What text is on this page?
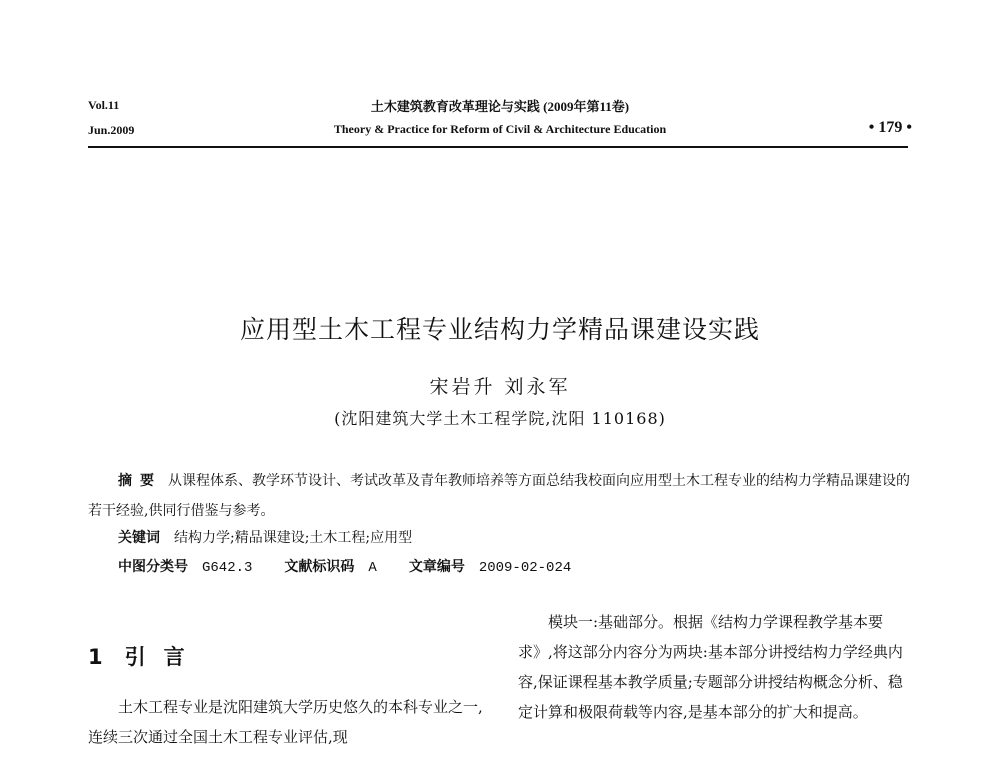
Vol.11
Jun.2009
土木建筑教育改革理论与实践 (2009年第11卷)
Theory & Practice for Reform of Civil & Architecture Education	• 179 •
应用型土木工程专业结构力学精品课建设实践
宋岩升 刘永军
(沈阳建筑大学土木工程学院,沈阳 110168)
摘要 从课程体系、教学环节设计、考试改革及青年教师培养等方面总结我校面向应用型土木工程专业的结构力学精品课建设的若干经验,供同行借鉴与参考。
关键词 结构力学;精品课建设;土木工程;应用型
中图分类号 G642.3 文献标识码 A 文章编号 2009-02-024
1 引言
土木工程专业是沈阳建筑大学历史悠久的本科专业之一,连续三次通过全国土木工程专业评估,现
模块一:基础部分。根据《结构力学课程教学基本要求》,将这部分内容分为两块:基本部分讲授结构力学经典内容,保证课程基本教学质量;专题部分讲授结构概念分析、稳定计算和极限荷载等内容,是基本部分的扩大和提高。
